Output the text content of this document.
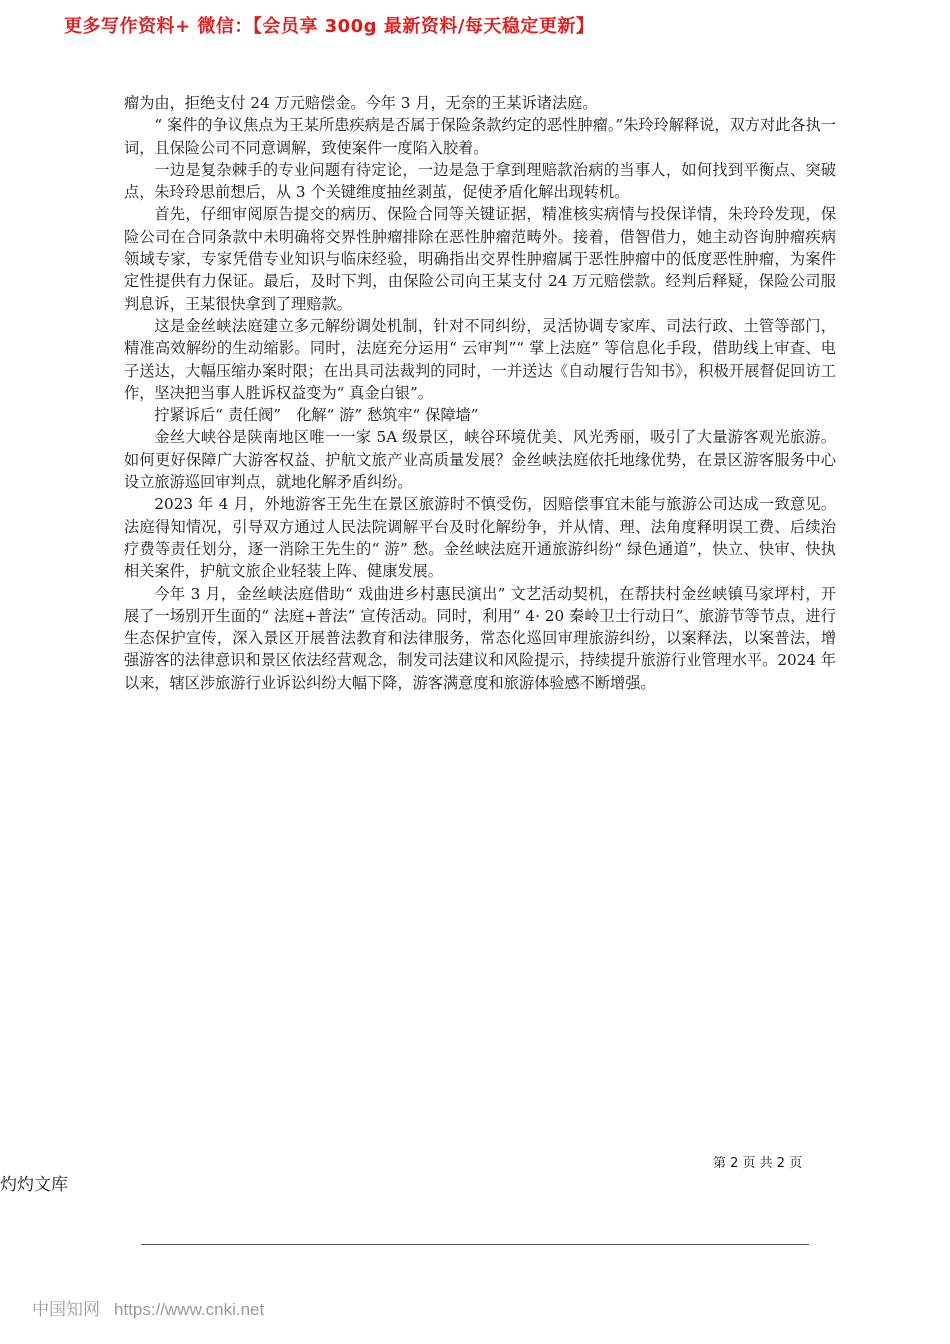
更多写作资料+ 微信：【会员享 300g 最新资料/每天稳定更新】

瘤为由，拒绝支付 24 万元赔偿金。今年 3 月，无奈的王某诉诸法庭。

“ 案件的争议焦点为王某所患疾病是否属于保险条款约定的恶性肿瘤。”朱玲玲解释说，双方对此各执一词，且保险公司不同意调解，致使案件一度陷入胶着。

一边是复杂棘手的专业问题有待定论，一边是急于拿到理赔款治病的当事人，如何找到平衡点、突破点，朱玲玲思前想后，从 3 个关键维度抽丝剥茧，促使矛盾化解出现转机。

首先，仔细审阅原告提交的病历、保险合同等关键证据，精准核实病情与投保详情，朱玲玲发现，保险公司在合同条款中未明确将交界性肿瘤排除在恶性肿瘤范畴外。接着，借智借力，她主动咨询肿瘤疾病领域专家，专家凭借专业知识与临床经验，明确指出交界性肿瘤属于恶性肿瘤中的低度恶性肿瘤，为案件定性提供有力保证。最后，及时下判，由保险公司向王某支付 24 万元赔偿款。经判后释疑，保险公司服判息诉，王某很快拿到了理赔款。

这是金丝峡法庭建立多元解纷调处机制，针对不同纠纷，灵活协调专家库、司法行政、土管等部门，精准高效解纷的生动缩影。同时，法庭充分运用“ 云审判”“ 掌上法庭” 等信息化手段，借助线上审查、电子送达，大幅压缩办案时限；在出具司法裁判的同时，一并送达《自动履行告知书》，积极开展督促回访工作，坚决把当事人胜诉权益变为“ 真金白银”。

拧紧诉后“ 责任阀”　化解“ 游” 愁筑牢“ 保障墙”

金丝大峡谷是陕南地区唯一一家 5A 级景区，峡谷环境优美、风光秀丽，吸引了大量游客观光旅游。如何更好保障广大游客权益、护航文旅产业高质量发展？金丝峡法庭依托地缘优势，在景区游客服务中心设立旅游巡回审判点，就地化解矛盾纠纷。

2023 年 4 月，外地游客王先生在景区旅游时不慎受伤，因赔偿事宜未能与旅游公司达成一致意见。法庭得知情况，引导双方通过人民法院调解平台及时化解纷争，并从情、理、法角度释明误工费、后续治疗费等责任划分，逐一消除王先生的“ 游” 愁。金丝峡法庭开通旅游纠纷“ 绿色通道”，快立、快审、快执相关案件，护航文旅企业轻装上阵、健康发展。

今年 3 月，金丝峡法庭借助“ 戏曲进乡村惠民演出” 文艺活动契机，在帮扶村金丝峡镇马家坪村，开展了一场别开生面的“ 法庭+普法” 宣传活动。同时，利用“ 4· 20 秦岭卫士行动日”、旅游节等节点，进行生态保护宣传，深入景区开展普法教育和法律服务，常态化巡回审理旅游纠纷，以案释法，以案普法，增强游客的法律意识和景区依法经营观念，制发司法建议和风险提示，持续提升旅游行业管理水平。2024 年以来，辖区涉旅游行业诉讼纠纷大幅下降，游客满意度和旅游体验感不断增强。

第 2 页 共 2 页
灼灼文库
中国知网 https://www.cnki.net
